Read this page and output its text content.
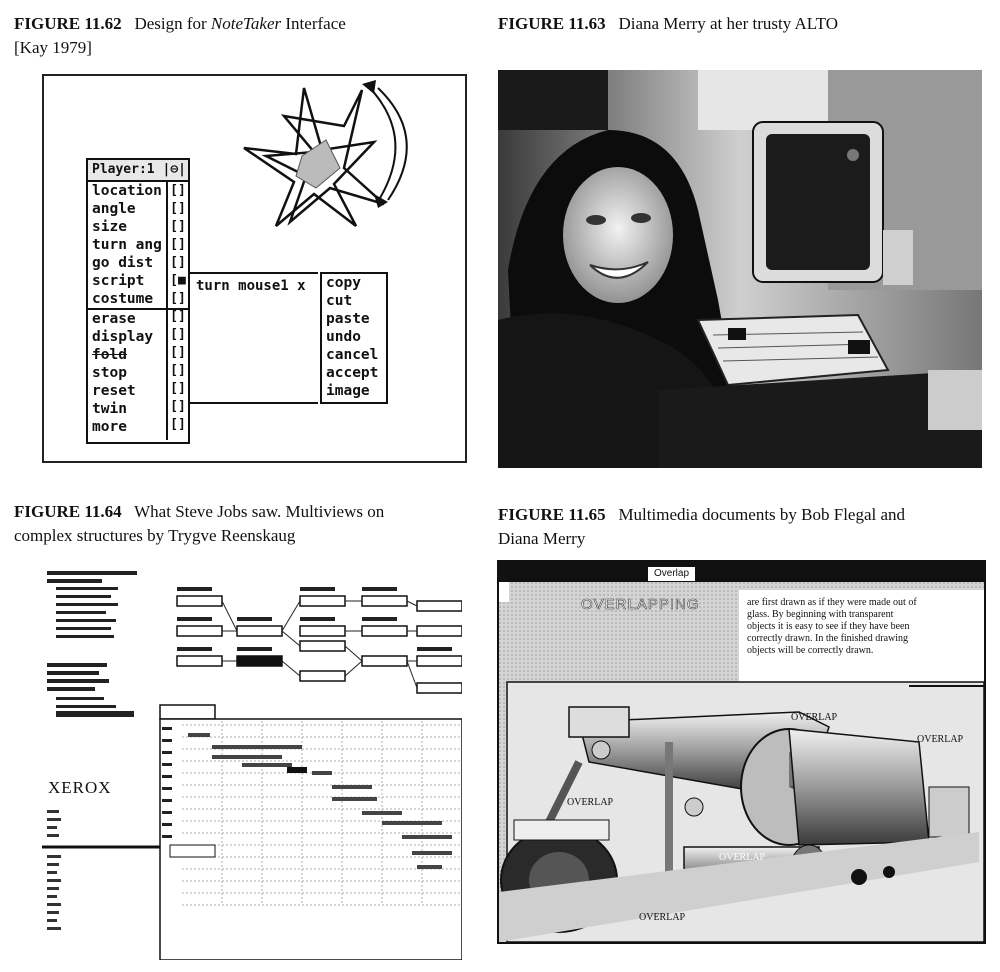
FIGURE 11.62 Design for NoteTaker Interface
[Kay 1979]
FIGURE 11.63 Diana Merry at her trusty ALTO
FIGURE 11.64 What Steve Jobs saw. Multiviews on
complex structures by Trygve Reenskaug
FIGURE 11.65 Multimedia documents by Bob Flegal and
Diana Merry
Player:1 |⊖|
location
angle
size
turn ang
go dist
script
costume
erase
display
fold
stop
reset
twin
more
[]
[]
[]
[]
[]
[■
[]
[]
[]
[]
[]
[]
[]
[]
turn mouse1 x	copy
cut
paste
undo
cancel
accept
image
XEROX
Overlap
OVERLAPPING	are first drawn as if they were made out of
glass. By beginning with transparent
objects it is easy to see if they have been
correctly drawn. In the finished drawing
objects will be correctly drawn.
OVERLAP
OVERLAP
OVERLAP
OVERLAP
OVERLAP
